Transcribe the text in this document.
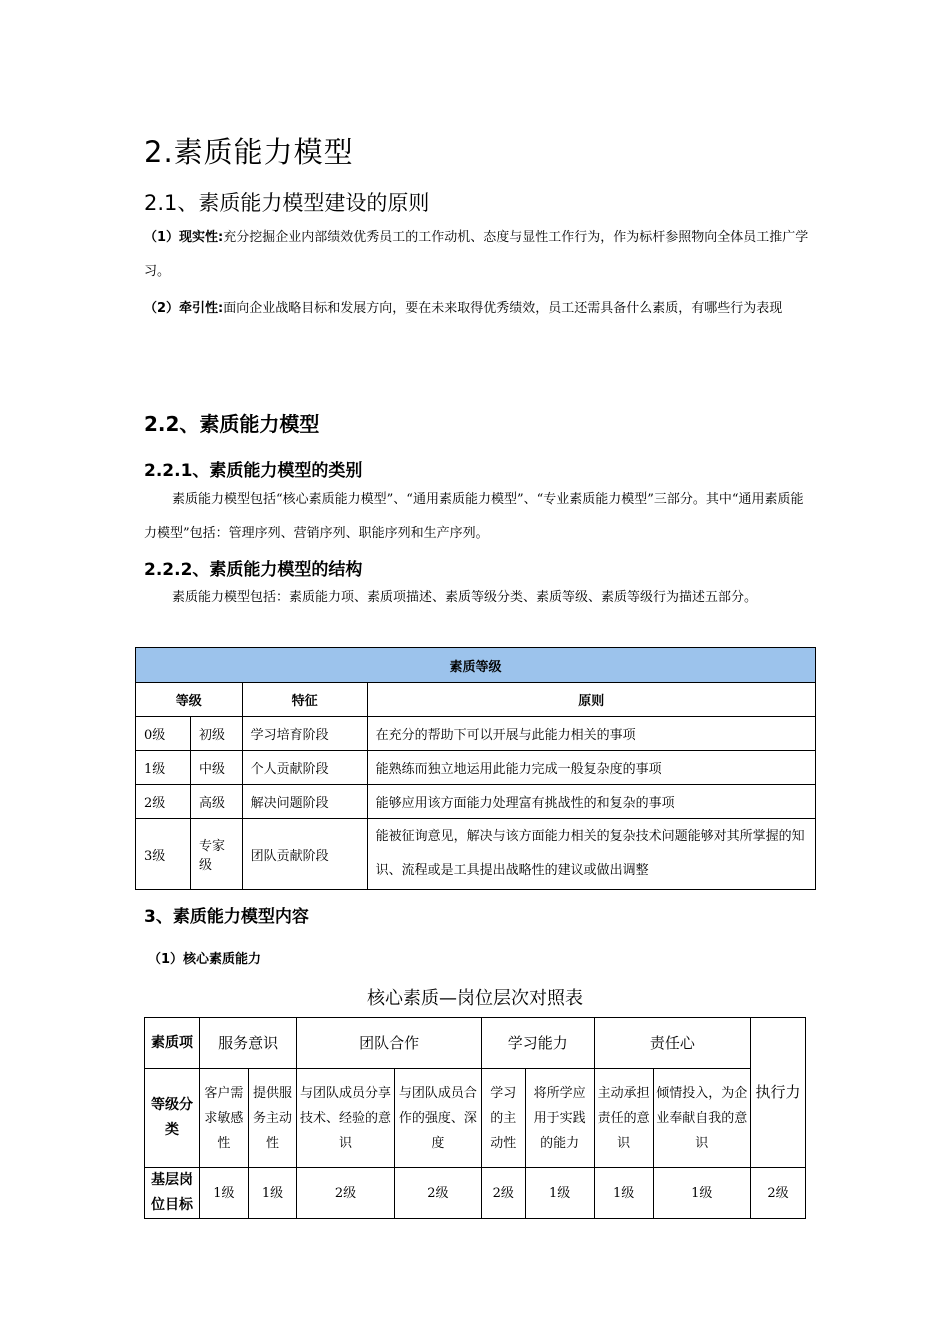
2.素质能力模型
2.1、素质能力模型建设的原则
（1）现实性:充分挖掘企业内部绩效优秀员工的工作动机、态度与显性工作行为，作为标杆参照物向全体员工推广学习。
（2）牵引性:面向企业战略目标和发展方向，要在未来取得优秀绩效，员工还需具备什么素质，有哪些行为表现
2.2、素质能力模型
2.2.1、素质能力模型的类别
素质能力模型包括“核心素质能力模型”、“通用素质能力模型”、“专业素质能力模型”三部分。其中“通用素质能力模型”包括：管理序列、营销序列、职能序列和生产序列。
2.2.2、素质能力模型的结构
素质能力模型包括：素质能力项、素质项描述、素质等级分类、素质等级、素质等级行为描述五部分。
素质等级			
等级		特征	原则
0级	初级	学习培育阶段	在充分的帮助下可以开展与此能力相关的事项
1级	中级	个人贡献阶段	能熟练而独立地运用此能力完成一般复杂度的事项
2级	高级	解决问题阶段	能够应用该方面能力处理富有挑战性的和复杂的事项
3级	专家级	团队贡献阶段	能被征询意见，解决与该方面能力相关的复杂技术问题能够对其所掌握的知识、流程或是工具提出战略性的建议或做出调整
3、素质能力模型内容
（1）核心素质能力
核心素质—岗位层次对照表
素质项	服务意识		团队合作		学习能力		责任心		执行力
等级分类	客户需求敏感性	提供服务主动性	与团队成员分享技术、经验的意识	与团队成员合作的强度、深度	学习的主动性	将所学应用于实践的能力	主动承担责任的意识	倾情投入，为企业奉献自我的意识	
基层岗位目标	1级	1级	2级	2级	2级	1级	1级	1级	2级
